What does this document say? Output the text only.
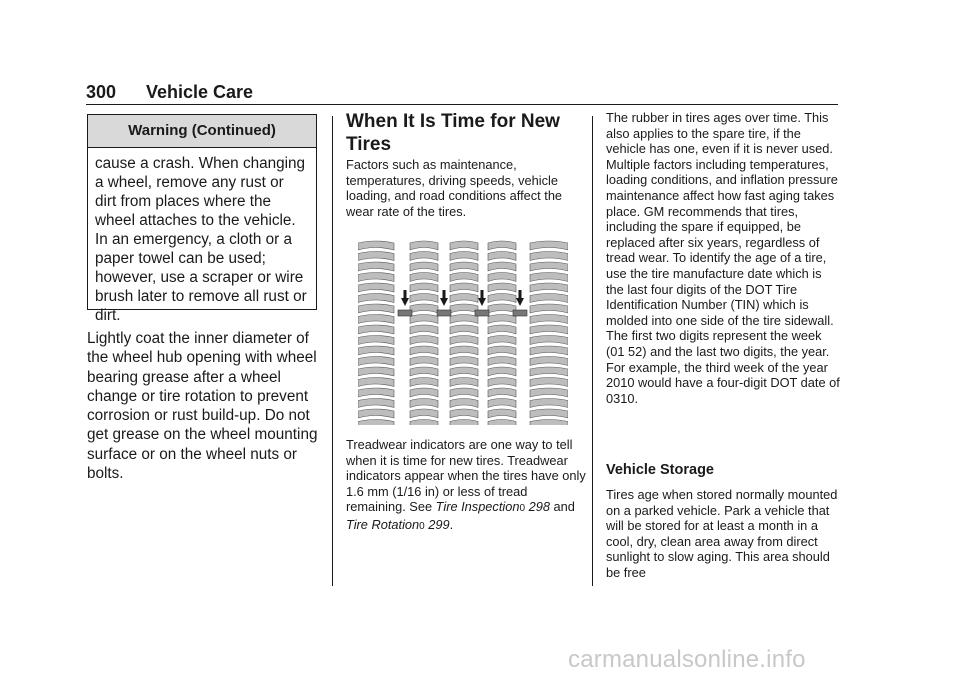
300 Vehicle Care
Warning (Continued)
cause a crash. When changing a wheel, remove any rust or dirt from places where the wheel attaches to the vehicle. In an emergency, a cloth or a paper towel can be used; however, use a scraper or wire brush later to remove all rust or dirt.
Lightly coat the inner diameter of the wheel hub opening with wheel bearing grease after a wheel change or tire rotation to prevent corrosion or rust build-up. Do not get grease on the wheel mounting surface or on the wheel nuts or bolts.
When It Is Time for New Tires
Factors such as maintenance, temperatures, driving speeds, vehicle loading, and road conditions affect the wear rate of the tires.
Treadwear indicators are one way to tell when it is time for new tires. Treadwear indicators appear when the tires have only 1.6 mm (1/16 in) or less of tread remaining. See Tire Inspection0 298 and
Tire Rotation0 299.
The rubber in tires ages over time. This also applies to the spare tire, if the vehicle has one, even if it is never used. Multiple factors including temperatures, loading conditions, and inflation pressure maintenance affect how fast aging takes place. GM recommends that tires, including the spare if equipped, be replaced after six years, regardless of tread wear. To identify the age of a tire, use the tire manufacture date which is the last four digits of the DOT Tire Identification Number (TIN) which is molded into one side of the tire sidewall. The first two digits represent the week (01 52) and the last two digits, the year. For example, the third week of the year 2010 would have a four-digit DOT date of 0310.
Vehicle Storage
Tires age when stored normally mounted on a parked vehicle. Park a vehicle that will be stored for at least a month in a cool, dry, clean area away from direct sunlight to slow aging. This area should be free
carmanualsonline.info
